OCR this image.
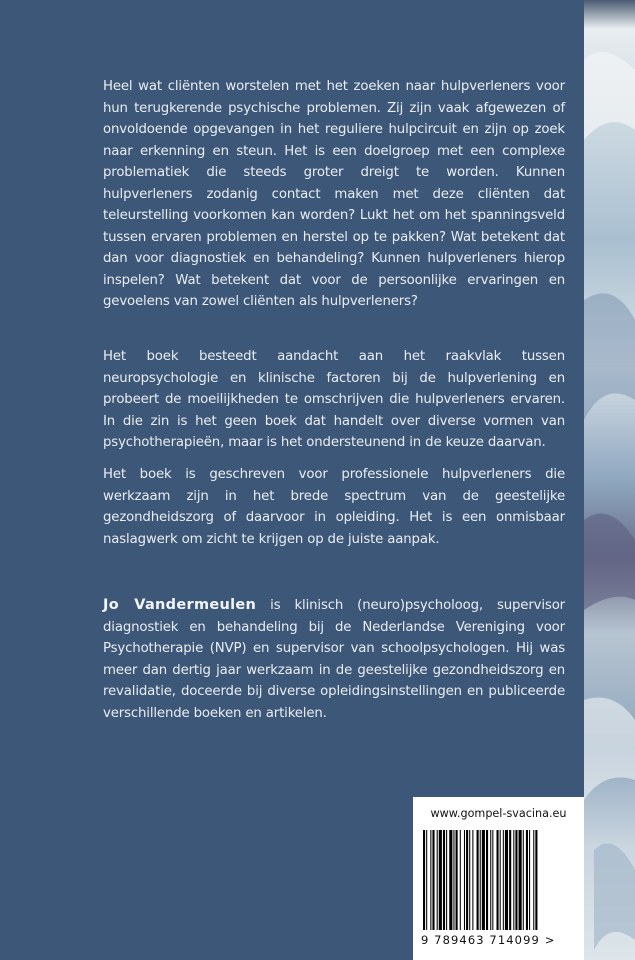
Heel wat cliënten worstelen met het zoeken naar hulpverleners voor hun terugkerende psychische problemen. Zij zijn vaak afgewezen of onvoldoende opgevangen in het reguliere hulpcircuit en zijn op zoek naar erkenning en steun. Het is een doelgroep met een complexe problematiek die steeds groter dreigt te worden. Kunnen hulpverleners zodanig contact maken met deze cliënten dat teleurstelling voorkomen kan worden? Lukt het om het spanningsveld tussen ervaren problemen en herstel op te pakken? Wat betekent dat dan voor diagnostiek en behandeling? Kunnen hulpverleners hierop inspelen? Wat betekent dat voor de persoonlijke ervaringen en gevoelens van zowel cliënten als hulpverleners?
Het boek besteedt aandacht aan het raakvlak tussen neuropsychologie en klinische factoren bij de hulpverlening en probeert de moeilijkheden te omschrijven die hulpverleners ervaren. In die zin is het geen boek dat handelt over diverse vormen van psychotherapieën, maar is het ondersteunend in de keuze daarvan.
Het boek is geschreven voor professionele hulpverleners die werkzaam zijn in het brede spectrum van de geestelijke gezondheidszorg of daarvoor in opleiding. Het is een onmisbaar naslagwerk om zicht te krijgen op de juiste aanpak.
Jo Vandermeulen is klinisch (neuro)psycholoog, supervisor diagnostiek en behandeling bij de Nederlandse Vereniging voor Psychotherapie (NVP) en supervisor van schoolpsychologen. Hij was meer dan dertig jaar werkzaam in de geestelijke gezondheidszorg en revalidatie, doceerde bij diverse opleidingsinstellingen en publiceerde verschillende boeken en artikelen.
www.gompel-svacina.eu
9 789463 714099 >
